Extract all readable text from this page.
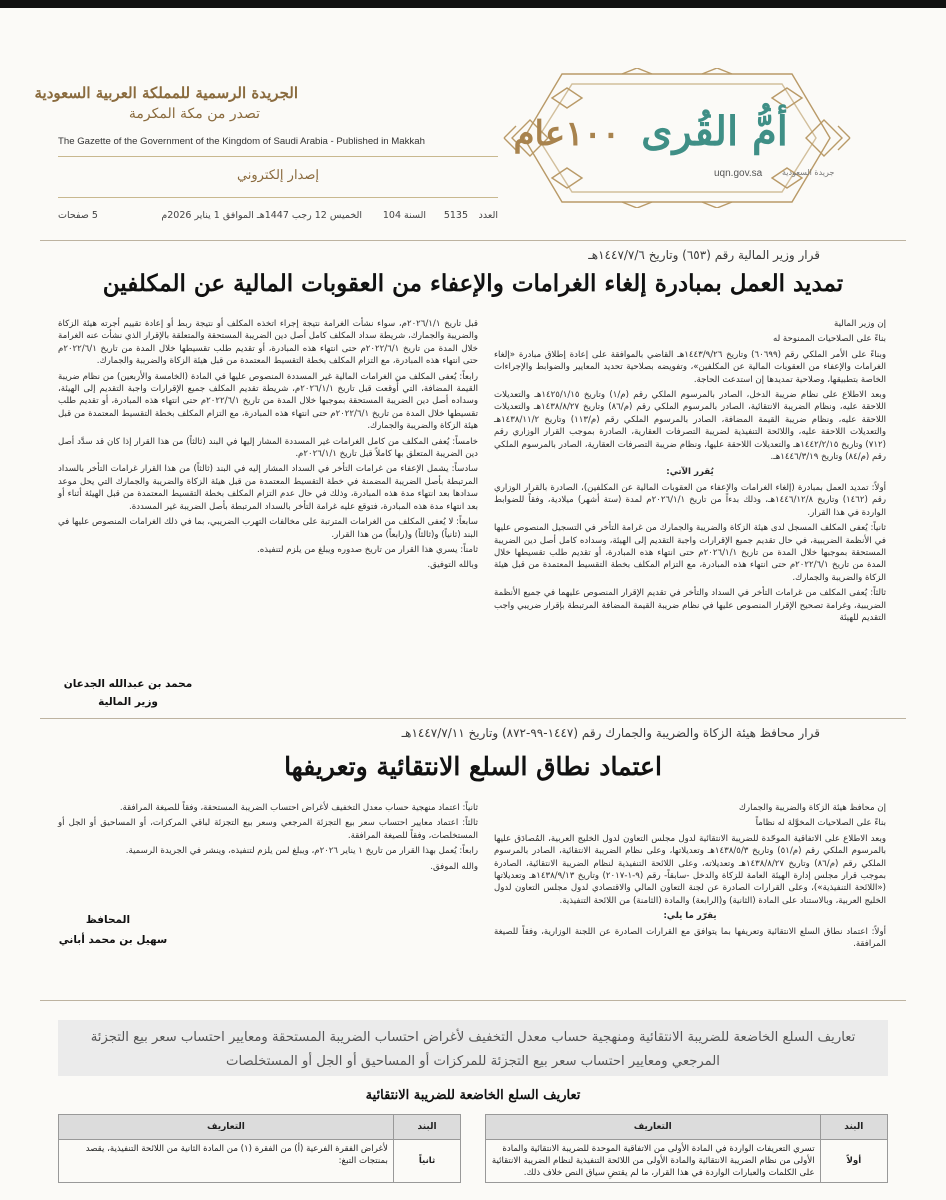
١٠٠عام أمُّ القُرى
uqn.gov.sa جريدة السعودية
الجريدة الرسمية للمملكة العربية السعودية
تصدر من مكة المكرمة
The Gazette of the Government of the Kingdom of Saudi Arabia - Published in Makkah
إصدار إلكتروني
العدد
5135
السنة 104
الخميس 12 رجب 1447هـ الموافق 1 يناير 2026م
5 صفحات
قرار وزير المالية رقم (٦٥٣) وتاريخ ١٤٤٧/٧/٦هـ
تمديد العمل بمبادرة إلغاء الغرامات والإعفاء من العقوبات المالية عن المكلفين

إن وزير المالية

بناءً على الصلاحيات الممنوحة له

وبناءً على الأمر الملكي رقم (٦٠٦٩٩) وتاريخ ١٤٤٣/٩/٢٦هـ القاضي بالموافقة على إعادة إطلاق مبادرة «إلغاء الغرامات والإعفاء من العقوبات المالية عن المكلفين»، وتفويضه بصلاحية تحديد المعايير والضوابط والإجراءات الخاصة بتطبيقها، وصلاحية تمديدها إن استدعت الحاجة.

وبعد الاطلاع على نظام ضريبة الدخل، الصادر بالمرسوم الملكي رقم (م/١) وتاريخ ١٤٢٥/١/١٥هـ والتعديلات اللاحقة عليه، ونظام الضريبة الانتقائية، الصادر بالمرسوم الملكي رقم (م/٨٦) وتاريخ ١٤٣٨/٨/٢٧هـ والتعديلات اللاحقة عليه، ونظام ضريبة القيمة المضافة، الصادر بالمرسوم الملكي رقم (م/١١٣) وتاريخ ١٤٣٨/١١/٢هـ والتعديلات اللاحقة عليه، واللائحة التنفيذية لضريبة التصرفات العقارية، الصادرة بموجب القرار الوزاري رقم (٧١٢) وتاريخ ١٤٤٢/٢/١٥هـ والتعديلات اللاحقة عليها، ونظام ضريبة التصرفات العقارية، الصادر بالمرسوم الملكي رقم (م/٨٤) وتاريخ ١٤٤٦/٣/١٩هـ.

يُقرر الآتي:

أولاً: تمديد العمل بمبادرة (إلغاء الغرامات والإعفاء من العقوبات المالية عن المكلفين)، الصادرة بالقرار الوزاري رقم (١٤٦٢) وتاريخ ١٤٤٦/١٢/٨هـ، وذلك بدءاً من تاريخ ٢٠٢٦/١/١م لمدة (ستة أشهر) ميلادية، وفقاً للضوابط الواردة في هذا القرار.

ثانياً: يُعفى المكلف المسجل لدى هيئة الزكاة والضريبة والجمارك من غرامة التأخر في التسجيل المنصوص عليها في الأنظمة الضريبية، في حال تقديم جميع الإقرارات واجبة التقديم إلى الهيئة، وسداده كامل أصل دين الضريبة المستحقة بموجبها خلال المدة من تاريخ ٢٠٢٦/١/١م حتى انتهاء هذه المبادرة، أو تقديم طلب تقسيطها خلال المدة من تاريخ ٢٠٢٢/٦/١م حتى انتهاء هذه المبادرة، مع التزام المكلف بخطة التقسيط المعتمدة من قبل هيئة الزكاة والضريبة والجمارك.

ثالثاً: يُعفى المكلف من غرامات التأخر في السداد والتأخر في تقديم الإقرار المنصوص عليهما في جميع الأنظمة الضريبية، وغرامة تصحيح الإقرار المنصوص عليها في نظام ضريبة القيمة المضافة المرتبطة بإقرار ضريبي واجب التقديم للهيئة

قبل تاريخ ٢٠٢٦/١/١م، سواء نشأت الغرامة نتيجة إجراء اتخذه المكلف أو نتيجة ربط أو إعادة تقييم أجرته هيئة الزكاة والضريبة والجمارك، شريطة سداد المكلف كامل أصل دين الضريبة المستحقة والمتعلقة بالإقرار الذي نشأت عنه الغرامة خلال المدة من تاريخ ٢٠٢٢/٦/١م حتى انتهاء هذه المبادرة، أو تقديم طلب تقسيطها خلال المدة من تاريخ ٢٠٢٢/٦/١م حتى انتهاء هذه المبادرة، مع التزام المكلف بخطة التقسيط المعتمدة من قبل هيئة الزكاة والضريبة والجمارك.

رابعاً: يُعفى المكلف من الغرامات المالية غير المسددة المنصوص عليها في المادة (الخامسة والأربعين) من نظام ضريبة القيمة المضافة، التي أُوقعت قبل تاريخ ٢٠٢٦/١/١م، شريطة تقديم المكلف جميع الإقرارات واجبة التقديم إلى الهيئة، وسداده أصل دين الضريبة المستحقة بموجبها خلال المدة من تاريخ ٢٠٢٢/٦/١م حتى انتهاء هذه المبادرة، أو تقديم طلب تقسيطها خلال المدة من تاريخ ٢٠٢٢/٦/١م حتى انتهاء هذه المبادرة، مع التزام المكلف بخطة التقسيط المعتمدة من قبل هيئة الزكاة والضريبة والجمارك.

خامساً: يُعفى المكلف من كامل الغرامات غير المسددة المشار إليها في البند (ثالثاً) من هذا القرار إذا كان قد سدَّد أصل دين الضريبة المتعلق بها كاملاً قبل تاريخ ٢٠٢٦/١/١م.

سادساً: يشمل الإعفاء من غرامات التأخر في السداد المشار إليه في البند (ثالثاً) من هذا القرار غرامات التأخر بالسداد المرتبطة بأصل الضريبة المضمنة في خطة التقسيط المعتمدة من قبل هيئة الزكاة والضريبة والجمارك التي يحل موعد سدادها بعد انتهاء مدة هذه المبادرة، وذلك في حال عدم التزام المكلف بخطة التقسيط المعتمدة من قبل الهيئة أثناء أو بعد انتهاء مدة هذه المبادرة، فتوقع عليه غرامة التأخر بالسداد المرتبطة بأصل الضريبة غير المسددة.

سابعاً: لا يُعفى المكلف من الغرامات المترتبة على مخالفات التهرب الضريبي، بما في ذلك الغرامات المنصوص عليها في البند (ثانياً) و(ثالثاً) و(رابعاً) من هذا القرار.

ثامناً: يسري هذا القرار من تاريخ صدوره ويبلغ من يلزم لتنفيذه.

وبالله التوفيق.

محمد بن عبدالله الجدعان
وزير المالية
قرار محافظ هيئة الزكاة والضريبة والجمارك رقم (١٤٤٧-٩٩-٨٧٢) وتاريخ ١٤٤٧/٧/١١هـ
اعتماد نطاق السلع الانتقائية وتعريفها

إن محافظ هيئة الزكاة والضريبة والجمارك

بناءً على الصلاحيات المخوَّلة له نظاماً

وبعد الاطلاع على الاتفاقية الموحّدة للضريبة الانتقائية لدول مجلس التعاون لدول الخليج العربية، المُصادَق عليها بالمرسوم الملكي رقم (م/٥١) وتاريخ ١٤٣٨/٥/٣هـ وتعديلاتها، وعلى نظام الضريبة الانتقائية، الصادر بالمرسوم الملكي رقم (م/٨٦) وتاريخ ١٤٣٨/٨/٢٧هـ وتعديلاته، وعلى اللائحة التنفيذية لنظام الضريبة الانتقائية، الصادرة بموجب قرار مجلس إدارة الهيئة العامة للزكاة والدخل -سابقاً- رقم (٩-١-٢٠١٧) وتاريخ ١٤٣٨/٩/١٣هـ وتعديلاتها («اللائحة التنفيذية»)، وعلى القرارات الصادرة عن لجنة التعاون المالي والاقتصادي لدول مجلس التعاون لدول الخليج العربية، وبالاستناد على المادة (الثانية) و(الرابعة) والمادة (الثامنة) من اللائحة التنفيذية.

يقرّر ما يلي:

أولاً: اعتماد نطاق السلع الانتقائية وتعريفها بما يتوافق مع القرارات الصادرة عن اللجنة الوزارية، وفقاً للصيغة المرافقة.

ثانياً: اعتماد منهجية حساب معدل التخفيف لأغراض احتساب الضريبة المستحقة، وفقاً للصيغة المرافقة.

ثالثاً: اعتماد معايير احتساب سعر بيع التجزئة المرجعي وسعر بيع التجزئة لباقي المركزات، أو المساحيق أو الجل أو المستخلصات، وفقاً للصيغة المرافقة.

رابعاً: يُعمل بهذا القرار من تاريخ ١ يناير ٢٠٢٦م، ويبلغ لمن يلزم لتنفيذه، وينشر في الجريدة الرسمية.

والله الموفق.

المحافظ
سهيل بن محمد أباني
تعاريف السلع الخاضعة للضريبة الانتقائية ومنهجية حساب معدل التخفيف لأغراض احتساب الضريبة المستحقة ومعايير احتساب سعر بيع التجزئة
المرجعي ومعايير احتساب سعر بيع التجزئة للمركزات أو المساحيق أو الجل أو المستخلصات
تعاريف السلع الخاضعة للضريبة الانتقائية
البند	التعاريف		البند	التعاريف
أولاً	تسري التعريفات الواردة في المادة الأولى من الاتفاقية الموحدة للضريبة الانتقائية والمادة الأولى من نظام الضريبة الانتقائية والمادة الأولى من اللائحة التنفيذية لنظام الضريبة الانتقائية على الكلمات والعبارات الواردة في هذا القرار، ما لم يقتضِ سياق النص خلاف ذلك.		ثانياً	لأغراض الفقرة الفرعية (أ) من الفقرة (١) من المادة الثانية من اللائحة التنفيذية، يقصد بمنتجات التبغ:
